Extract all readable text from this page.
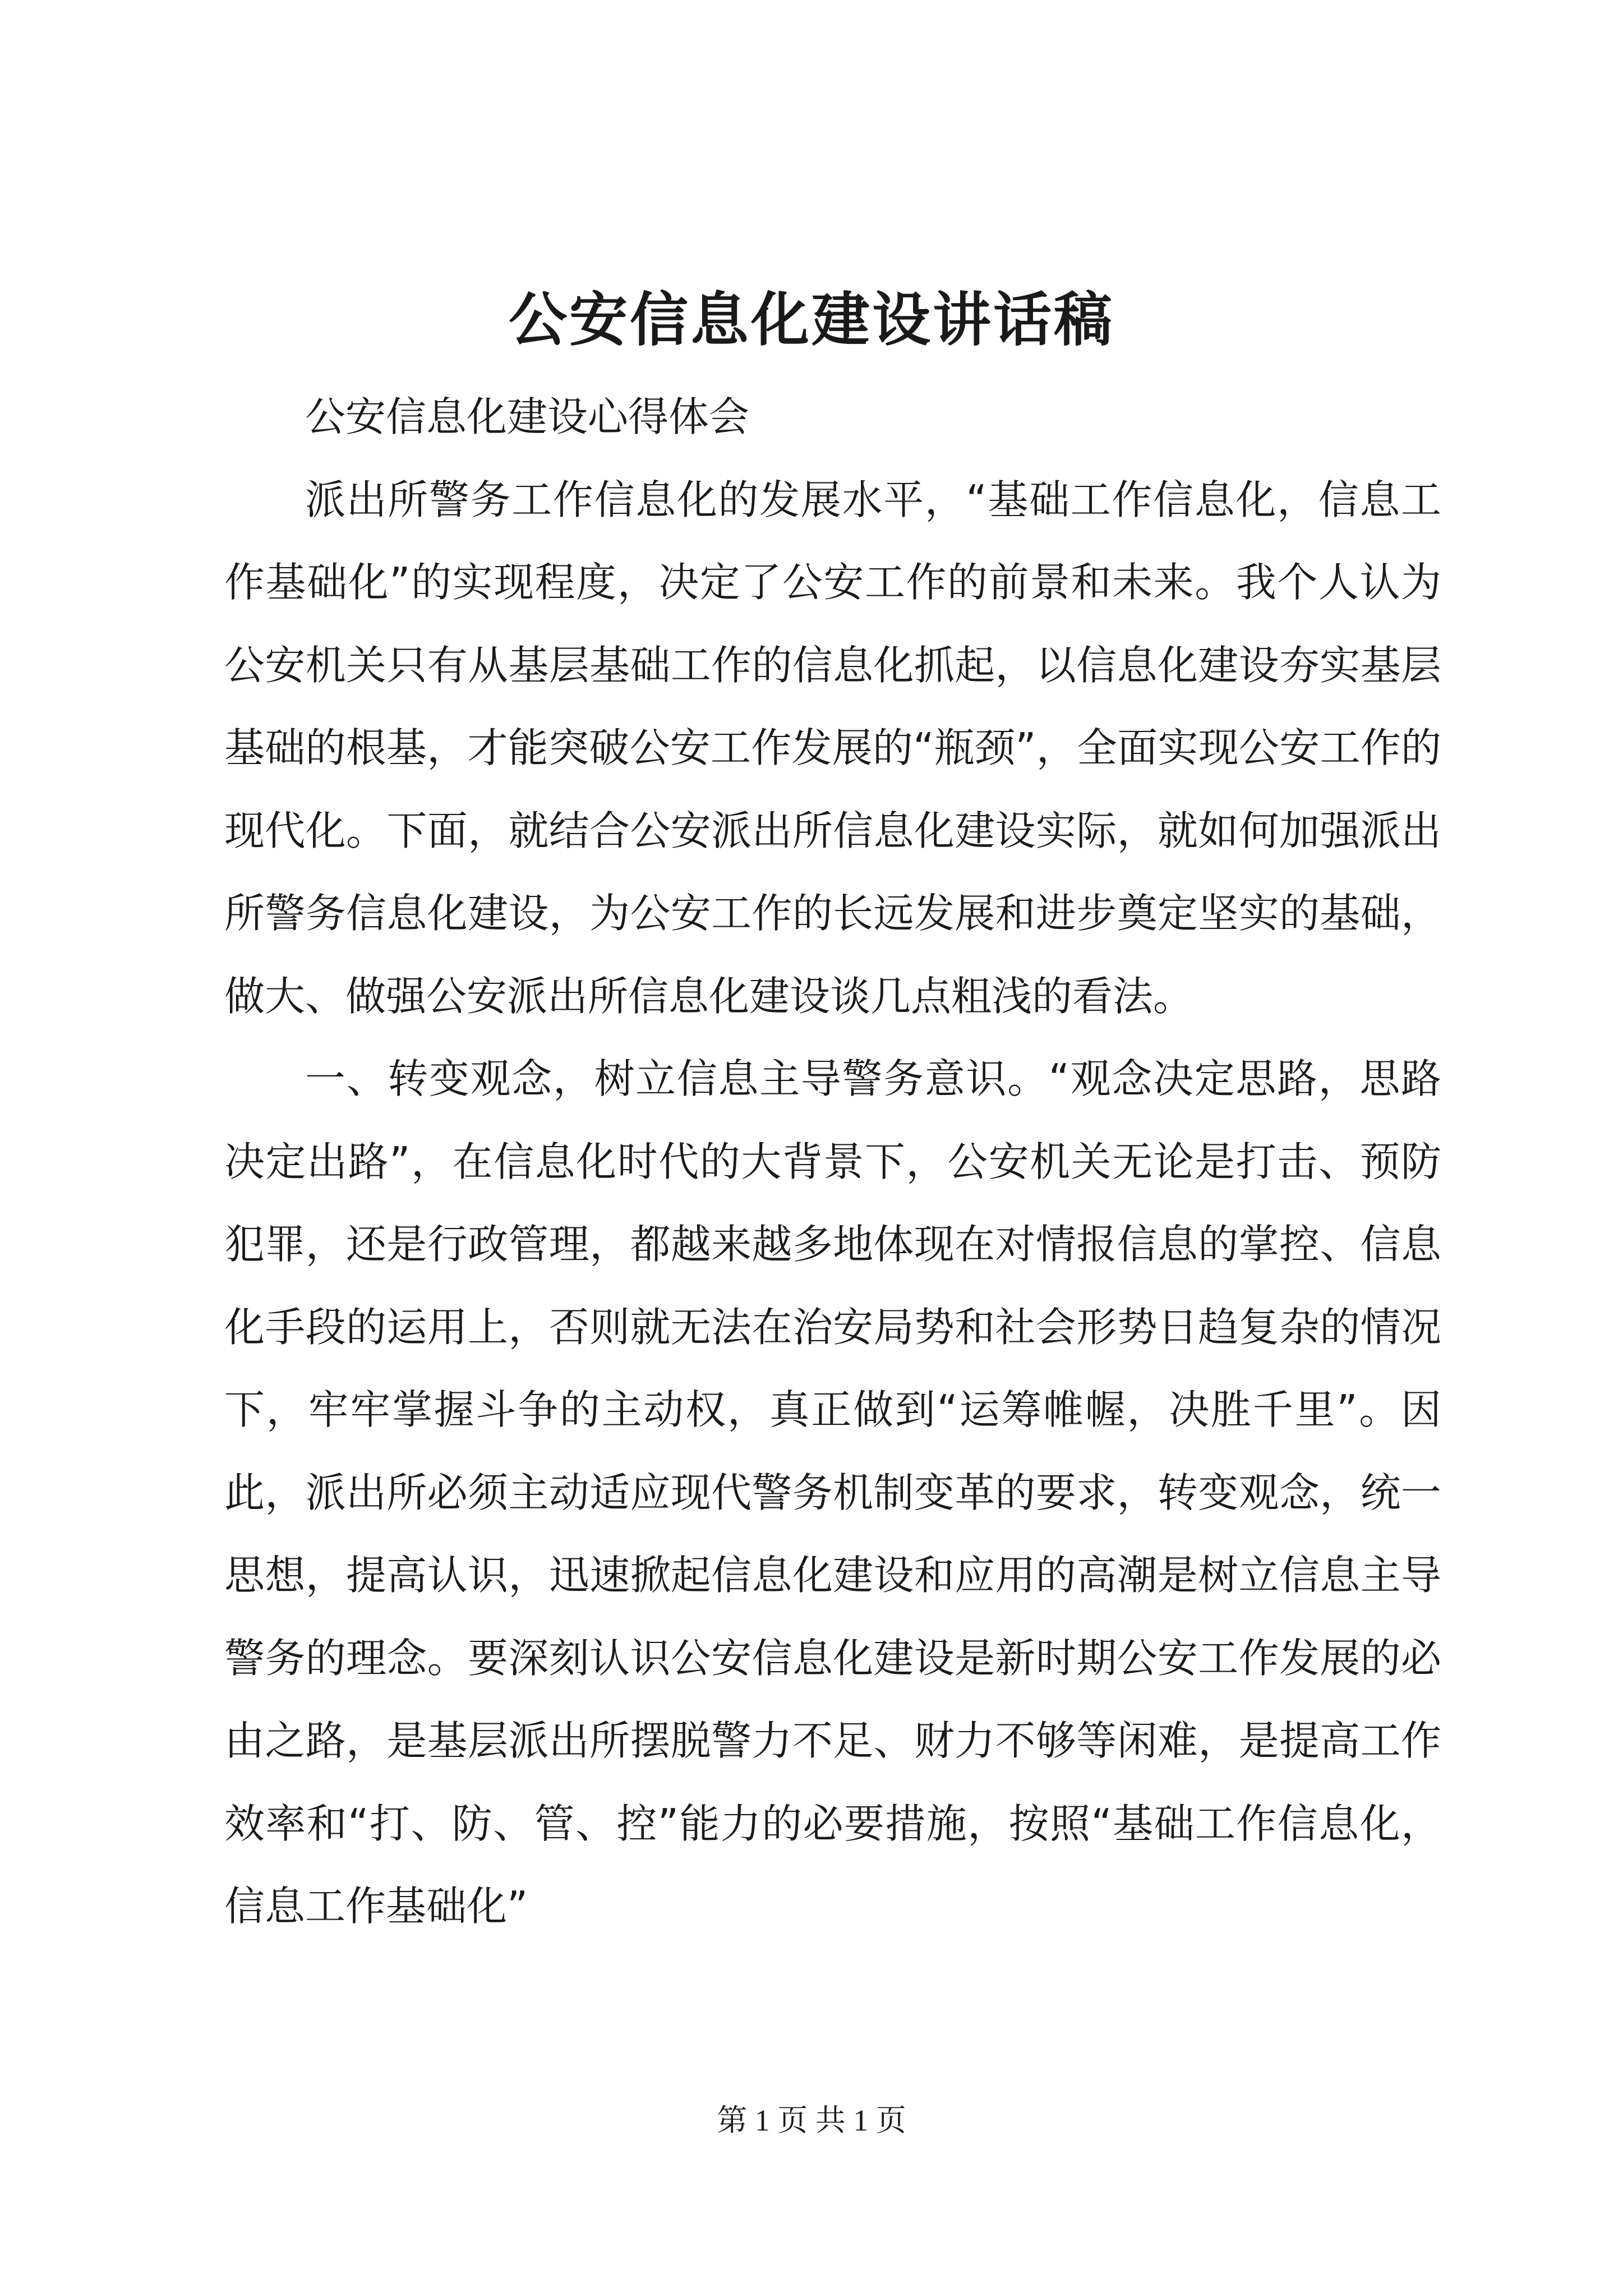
公安信息化建设讲话稿

公安信息化建设心得体会

派出所警务工作信息化的发展水平，“基础工作信息化，信息工作基础化”的实现程度，决定了公安工作的前景和未来。我个人认为公安机关只有从基层基础工作的信息化抓起，以信息化建设夯实基层基础的根基，才能突破公安工作发展的“瓶颈”，全面实现公安工作的现代化。下面，就结合公安派出所信息化建设实际，就如何加强派出所警务信息化建设，为公安工作的长远发展和进步奠定坚实的基础，做大、做强公安派出所信息化建设谈几点粗浅的看法。

一、转变观念，树立信息主导警务意识。“观念决定思路，思路决定出路”，在信息化时代的大背景下，公安机关无论是打击、预防犯罪，还是行政管理，都越来越多地体现在对情报信息的掌控、信息化手段的运用上，否则就无法在治安局势和社会形势日趋复杂的情况下，牢牢掌握斗争的主动权，真正做到“运筹帷幄，决胜千里”。因此，派出所必须主动适应现代警务机制变革的要求，转变观念，统一思想，提高认识，迅速掀起信息化建设和应用的高潮是树立信息主导警务的理念。要深刻认识公安信息化建设是新时期公安工作发展的必由之路，是基层派出所摆脱警力不足、财力不够等闲难，是提高工作效率和“打、防、管、控”能力的必要措施，按照“基础工作信息化，信息工作基础化”

第 1 页 共 1 页
